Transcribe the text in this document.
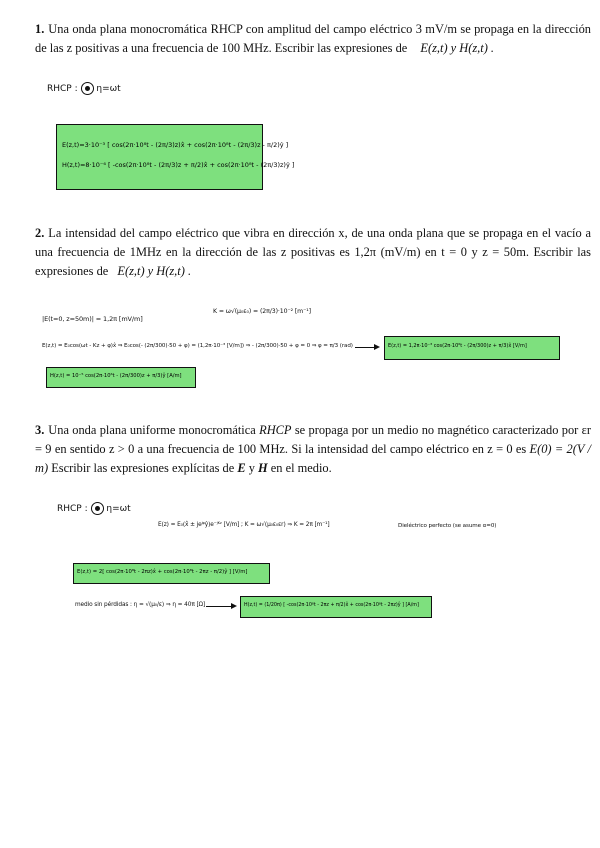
1. Una onda plana monocromática RHCP con amplitud del campo eléctrico 3 mV/m se propaga en la dirección de las z positivas a una frecuencia de 100 MHz. Escribir las expresiones de E(z,t) y H(z,t) .
RHCP : η=ωt
E(z,t)=3·10⁻³ [ cos(2π·10⁸t - (2π/3)z)x̂ + cos(2π·10⁸t - (2π/3)z - π/2)ŷ ]
H(z,t)=8·10⁻⁶ [ -cos(2π·10⁸t - (2π/3)z + π/2)x̂ + cos(2π·10⁸t - (2π/3)z)ŷ ]
2. La intensidad del campo eléctrico que vibra en dirección x, de una onda plana que se propaga en el vacío a una frecuencia de 1MHz en la dirección de las z positivas es 1,2π (mV/m) en t = 0 y z = 50m. Escribir las expresiones de E(z,t) y H(z,t) .
|E(t=0, z=50m)| = 1,2π [mV/m]
K = ω√(μ₀ε₀) = (2π/3)·10⁻² [m⁻¹]
E(z,t) = E₀cos(ωt - Kz + φ)x̂ ⇒ E₀cos(- (2π/300)·50 + φ) = (1,2π·10⁻³ [V/m]) ⇒ - (2π/300)·50 + φ = 0 ⇒ φ = π/3 (rad)	E(z,t) = 1,2π·10⁻³ cos(2π·10⁶t - (2π/300)z + π/3)x̂ [V/m]
H(z,t) = 10⁻⁵ cos(2π·10⁶t - (2π/300)z + π/3)ŷ [A/m]
3. Una onda plana uniforme monocromática RHCP se propaga por un medio no magnético caracterizado por εr = 9 en sentido z > 0 a una frecuencia de 100 MHz. Si la intensidad del campo eléctrico en z = 0 es E(0) = 2(V / m) Escribir las expresiones explícitas de E y H en el medio.
RHCP : η=ωt
E(z) = E₀(x̂ ± jeʲᵠŷ)e⁻ʲᴷᶻ [V/m] ; K = ω√(μ₀ε₀εr) ⇒ K = 2π [m⁻¹]	Dieléctrico perfecto (se asume α=0)
E(z,t) = 2[ cos(2π·10⁸t - 2πz)x̂ + cos(2π·10⁸t - 2πz - π/2)ŷ ] [V/m]
medio sin pérdidas : η = √(μ₀/ε) ⇒ η = 40π [Ω]	H(z,t) = (1/20π) [ -cos(2π·10⁸t - 2πz + π/2)x̂ + cos(2π·10⁸t - 2πz)ŷ ] [A/m]
